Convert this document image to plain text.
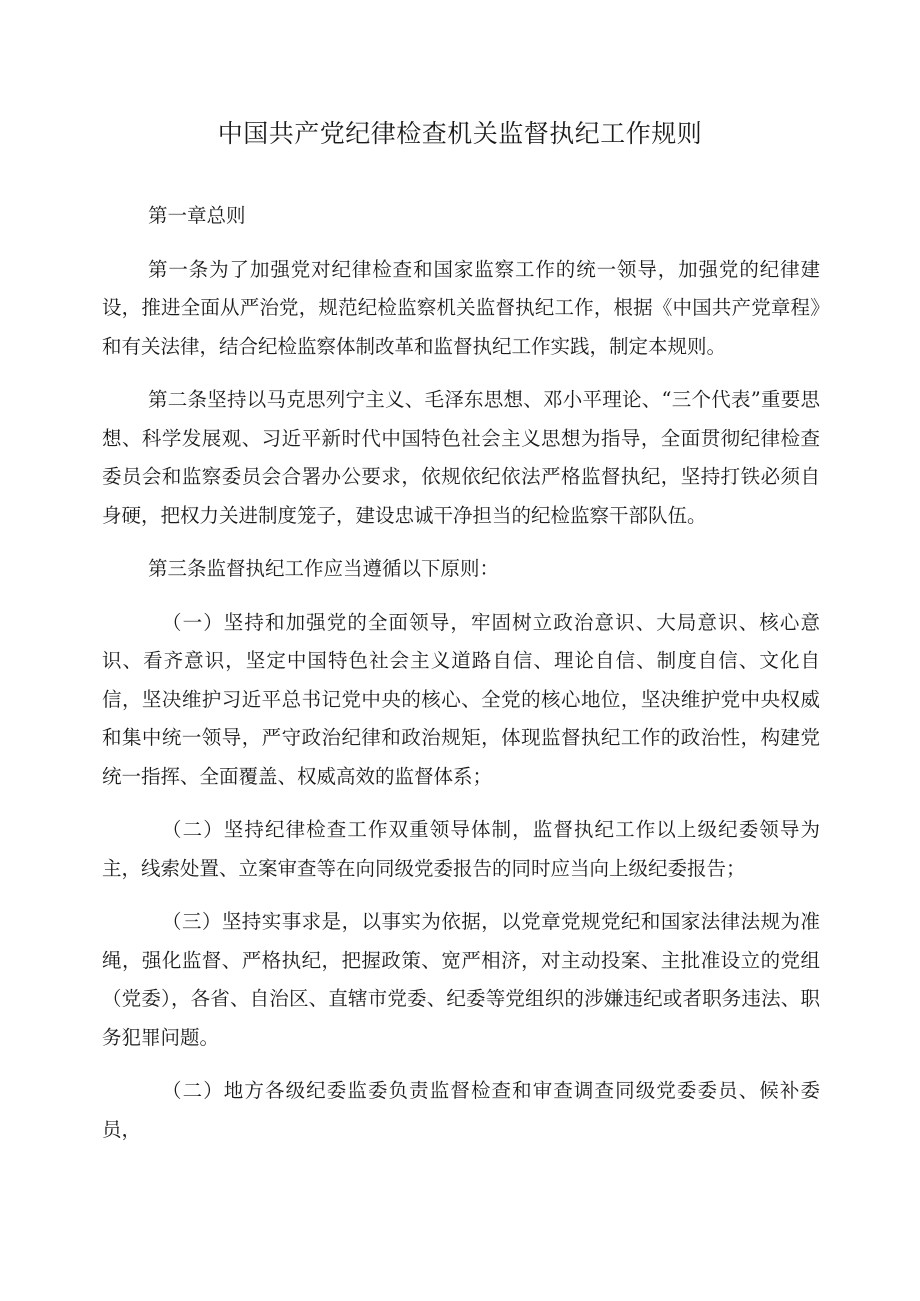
中国共产党纪律检查机关监督执纪工作规则

第一章总则

第一条为了加强党对纪律检查和国家监察工作的统一领导，加强党的纪律建设，推进全面从严治党，规范纪检监察机关监督执纪工作，根据《中国共产党章程》和有关法律，结合纪检监察体制改革和监督执纪工作实践，制定本规则。

第二条坚持以马克思列宁主义、毛泽东思想、邓小平理论、“三个代表”重要思想、科学发展观、习近平新时代中国特色社会主义思想为指导，全面贯彻纪律检查委员会和监察委员会合署办公要求，依规依纪依法严格监督执纪，坚持打铁必须自身硬，把权力关进制度笼子，建设忠诚干净担当的纪检监察干部队伍。

第三条监督执纪工作应当遵循以下原则：

（一）坚持和加强党的全面领导，牢固树立政治意识、大局意识、核心意识、看齐意识，坚定中国特色社会主义道路自信、理论自信、制度自信、文化自信，坚决维护习近平总书记党中央的核心、全党的核心地位，坚决维护党中央权威和集中统一领导，严守政治纪律和政治规矩，体现监督执纪工作的政治性，构建党统一指挥、全面覆盖、权威高效的监督体系；

（二）坚持纪律检查工作双重领导体制，监督执纪工作以上级纪委领导为主，线索处置、立案审查等在向同级党委报告的同时应当向上级纪委报告；

（三）坚持实事求是，以事实为依据，以党章党规党纪和国家法律法规为准绳，强化监督、严格执纪，把握政策、宽严相济，对主动投案、主批准设立的党组（党委），各省、自治区、直辖市党委、纪委等党组织的涉嫌违纪或者职务违法、职务犯罪问题。

（二）地方各级纪委监委负责监督检查和审查调查同级党委委员、候补委员，
